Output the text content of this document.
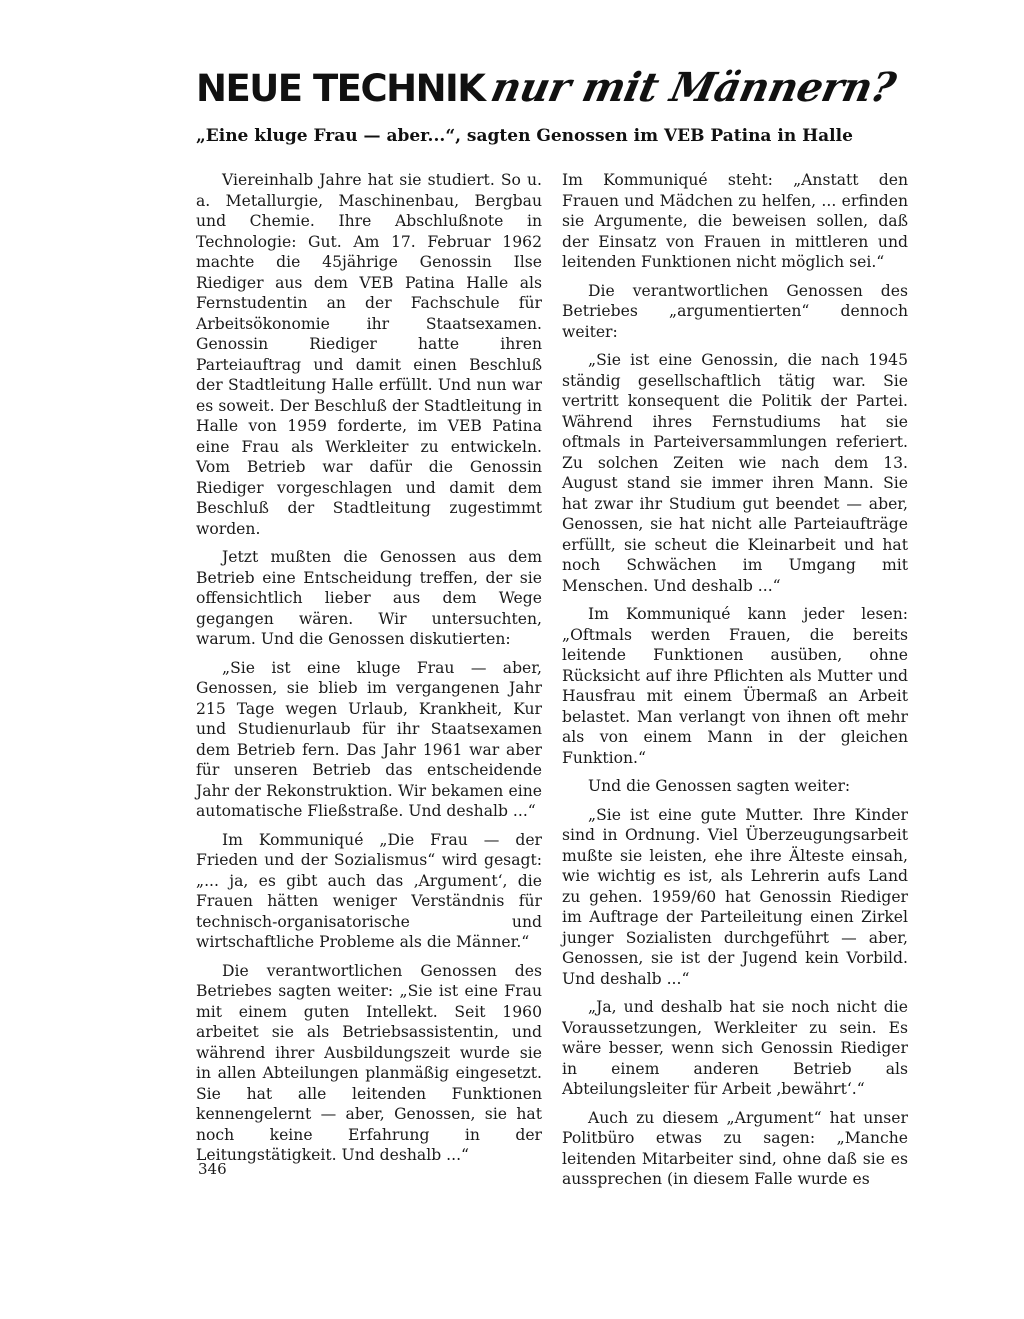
NEUE TECHNIKnur mit Männern?
„Eine kluge Frau — aber...“, sagten Genossen im VEB Patina in Halle

Viereinhalb Jahre hat sie studiert. So u. a. Metallurgie, Maschinenbau, Bergbau und Chemie. Ihre Abschlußnote in Technologie: Gut. Am 17. Februar 1962 machte die 45jährige Genossin Ilse Riediger aus dem VEB Patina Halle als Fernstudentin an der Fachschule für Arbeitsökonomie ihr Staatsexamen. Genossin Riediger hatte ihren Parteiauftrag und damit einen Beschluß der Stadtleitung Halle erfüllt. Und nun war es soweit. Der Beschluß der Stadtleitung in Halle von 1959 forderte, im VEB Patina eine Frau als Werkleiter zu entwickeln. Vom Betrieb war dafür die Genossin Riediger vorgeschlagen und damit dem Beschluß der Stadtleitung zugestimmt worden.

Jetzt mußten die Genossen aus dem Betrieb eine Entscheidung treffen, der sie offensichtlich lieber aus dem Wege gegangen wären. Wir untersuchten, warum. Und die Genossen diskutierten:

„Sie ist eine kluge Frau — aber, Genossen, sie blieb im vergangenen Jahr 215 Tage wegen Urlaub, Krankheit, Kur und Studienurlaub für ihr Staatsexamen dem Betrieb fern. Das Jahr 1961 war aber für unseren Betrieb das entscheidende Jahr der Rekonstruktion. Wir bekamen eine automatische Fließstraße. Und deshalb ...“

Im Kommuniqué „Die Frau — der Frieden und der Sozialismus“ wird gesagt: „... ja, es gibt auch das ‚Argument‘, die Frauen hätten weniger Verständnis für technisch-organisatorische und wirtschaftliche Probleme als die Männer.“

Die verantwortlichen Genossen des Betriebes sagten weiter: „Sie ist eine Frau mit einem guten Intellekt. Seit 1960 arbeitet sie als Betriebsassistentin, und während ihrer Ausbildungszeit wurde sie in allen Abteilungen planmäßig eingesetzt. Sie hat alle leitenden Funktionen kennengelernt — aber, Genossen, sie hat noch keine Erfahrung in der Leitungstätigkeit. Und deshalb ...“

Im Kommuniqué steht: „Anstatt den Frauen und Mädchen zu helfen, ... erfinden sie Argumente, die beweisen sollen, daß der Einsatz von Frauen in mittleren und leitenden Funktionen nicht möglich sei.“

Die verantwortlichen Genossen des Betriebes „argumentierten“ dennoch weiter:

„Sie ist eine Genossin, die nach 1945 ständig gesellschaftlich tätig war. Sie vertritt konsequent die Politik der Partei. Während ihres Fernstudiums hat sie oftmals in Parteiversammlungen referiert. Zu solchen Zeiten wie nach dem 13. August stand sie immer ihren Mann. Sie hat zwar ihr Studium gut beendet — aber, Genossen, sie hat nicht alle Parteiaufträge erfüllt, sie scheut die Kleinarbeit und hat noch Schwächen im Umgang mit Menschen. Und deshalb ...“

Im Kommuniqué kann jeder lesen: „Oftmals werden Frauen, die bereits leitende Funktionen ausüben, ohne Rücksicht auf ihre Pflichten als Mutter und Hausfrau mit einem Übermaß an Arbeit belastet. Man verlangt von ihnen oft mehr als von einem Mann in der gleichen Funktion.“

Und die Genossen sagten weiter:

„Sie ist eine gute Mutter. Ihre Kinder sind in Ordnung. Viel Überzeugungsarbeit mußte sie leisten, ehe ihre Älteste einsah, wie wichtig es ist, als Lehrerin aufs Land zu gehen. 1959/60 hat Genossin Riediger im Auftrage der Parteileitung einen Zirkel junger Sozialisten durchgeführt — aber, Genossen, sie ist der Jugend kein Vorbild. Und deshalb ...“

„Ja, und deshalb hat sie noch nicht die Voraussetzungen, Werkleiter zu sein. Es wäre besser, wenn sich Genossin Riediger in einem anderen Betrieb als Abteilungsleiter für Arbeit ‚bewährt‘.“

Auch zu diesem „Argument“ hat unser Politbüro etwas zu sagen: „Manche leitenden Mitarbeiter sind, ohne daß sie es aussprechen (in diesem Falle wurde es

346
